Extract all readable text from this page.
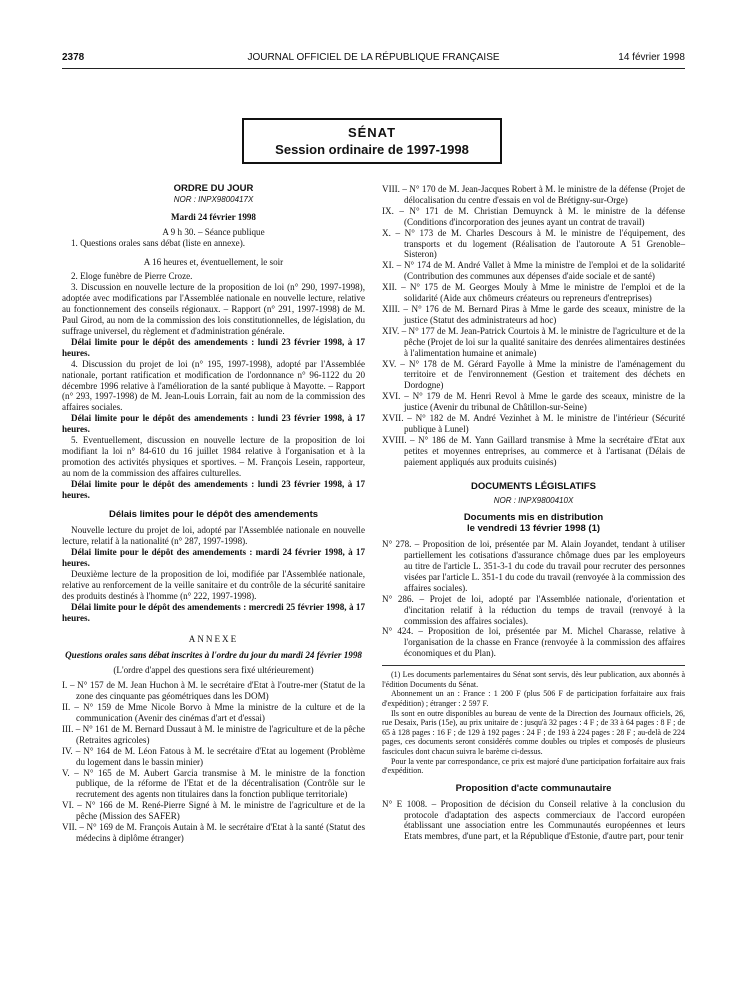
2378	JOURNAL OFFICIEL DE LA RÉPUBLIQUE FRANÇAISE	14 février 1998
SÉNAT
Session ordinaire de 1997-1998
ORDRE DU JOUR
NOR : INPX9800417X
Mardi 24 février 1998
A 9 h 30. – Séance publique

1. Questions orales sans débat (liste en annexe).

A 16 heures et, éventuellement, le soir

2. Eloge funèbre de Pierre Croze.

3. Discussion en nouvelle lecture de la proposition de loi (n° 290, 1997-1998), adoptée avec modifications par l'Assemblée nationale en nouvelle lecture, relative au fonctionnement des conseils régionaux. – Rapport (n° 291, 1997-1998) de M. Paul Girod, au nom de la commission des lois constitutionnelles, de législation, du suffrage universel, du règlement et d'administration générale.

Délai limite pour le dépôt des amendements : lundi 23 février 1998, à 17 heures.

4. Discussion du projet de loi (n° 195, 1997-1998), adopté par l'Assemblée nationale, portant ratification et modification de l'ordonnance n° 96-1122 du 20 décembre 1996 relative à l'amélioration de la santé publique à Mayotte. – Rapport (n° 293, 1997-1998) de M. Jean-Louis Lorrain, fait au nom de la commission des affaires sociales.

Délai limite pour le dépôt des amendements : lundi 23 février 1998, à 17 heures.

5. Eventuellement, discussion en nouvelle lecture de la proposition de loi modifiant la loi n° 84-610 du 16 juillet 1984 relative à l'organisation et à la promotion des activités physiques et sportives. – M. François Lesein, rapporteur, au nom de la commission des affaires culturelles.

Délai limite pour le dépôt des amendements : lundi 23 février 1998, à 17 heures.

Délais limites pour le dépôt des amendements

Nouvelle lecture du projet de loi, adopté par l'Assemblée nationale en nouvelle lecture, relatif à la nationalité (n° 287, 1997-1998).

Délai limite pour le dépôt des amendements : mardi 24 février 1998, à 17 heures.

Deuxième lecture de la proposition de loi, modifiée par l'Assemblée nationale, relative au renforcement de la veille sanitaire et du contrôle de la sécurité sanitaire des produits destinés à l'homme (n° 222, 1997-1998).

Délai limite pour le dépôt des amendements : mercredi 25 février 1998, à 17 heures.

ANNEXE
Questions orales sans débat inscrites à l'ordre du jour du mardi 24 février 1998
(L'ordre d'appel des questions sera fixé ultérieurement)

I. – N° 157 de M. Jean Huchon à M. le secrétaire d'Etat à l'outre-mer (Statut de la zone des cinquante pas géométriques dans les DOM)

II. – N° 159 de Mme Nicole Borvo à Mme la ministre de la culture et de la communication (Avenir des cinémas d'art et d'essai)

III. – N° 161 de M. Bernard Dussaut à M. le ministre de l'agriculture et de la pêche (Retraites agricoles)

IV. – N° 164 de M. Léon Fatous à M. le secrétaire d'Etat au logement (Problème du logement dans le bassin minier)

V. – N° 165 de M. Aubert Garcia transmise à M. le ministre de la fonction publique, de la réforme de l'Etat et de la décentralisation (Contrôle sur le recrutement des agents non titulaires dans la fonction publique territoriale)

VI. – N° 166 de M. René-Pierre Signé à M. le ministre de l'agriculture et de la pêche (Mission des SAFER)

VII. – N° 169 de M. François Autain à M. le secrétaire d'Etat à la santé (Statut des médecins à diplôme étranger)

VIII. – N° 170 de M. Jean-Jacques Robert à M. le ministre de la défense (Projet de délocalisation du centre d'essais en vol de Brétigny-sur-Orge)

IX. – N° 171 de M. Christian Demuynck à M. le ministre de la défense (Conditions d'incorporation des jeunes ayant un contrat de travail)

X. – N° 173 de M. Charles Descours à M. le ministre de l'équipement, des transports et du logement (Réalisation de l'autoroute A 51 Grenoble–Sisteron)

XI. – N° 174 de M. André Vallet à Mme la ministre de l'emploi et de la solidarité (Contribution des communes aux dépenses d'aide sociale et de santé)

XII. – N° 175 de M. Georges Mouly à Mme le ministre de l'emploi et de la solidarité (Aide aux chômeurs créateurs ou repreneurs d'entreprises)

XIII. – N° 176 de M. Bernard Piras à Mme le garde des sceaux, ministre de la justice (Statut des administrateurs ad hoc)

XIV. – N° 177 de M. Jean-Patrick Courtois à M. le ministre de l'agriculture et de la pêche (Projet de loi sur la qualité sanitaire des denrées alimentaires destinées à l'alimentation humaine et animale)

XV. – N° 178 de M. Gérard Fayolle à Mme la ministre de l'aménagement du territoire et de l'environnement (Gestion et traitement des déchets en Dordogne)

XVI. – N° 179 de M. Henri Revol à Mme le garde des sceaux, ministre de la justice (Avenir du tribunal de Châtillon-sur-Seine)

XVII. – N° 182 de M. André Vezinhet à M. le ministre de l'intérieur (Sécurité publique à Lunel)

XVIII. – N° 186 de M. Yann Gaillard transmise à Mme la secrétaire d'Etat aux petites et moyennes entreprises, au commerce et à l'artisanat (Délais de paiement appliqués aux produits cuisinés)

DOCUMENTS LÉGISLATIFS
NOR : INPX9800410X
Documents mis en distribution
le vendredi 13 février 1998 (1)

N° 278. – Proposition de loi, présentée par M. Alain Joyandet, tendant à utiliser partiellement les cotisations d'assurance chômage dues par les employeurs au titre de l'article L. 351-3-1 du code du travail pour recruter des personnes visées par l'article L. 351-1 du code du travail (renvoyée à la commission des affaires sociales).

N° 286. – Projet de loi, adopté par l'Assemblée nationale, d'orientation et d'incitation relatif à la réduction du temps de travail (renvoyé à la commission des affaires sociales).

N° 424. – Proposition de loi, présentée par M. Michel Charasse, relative à l'organisation de la chasse en France (renvoyée à la commission des affaires économiques et du Plan).

(1) Les documents parlementaires du Sénat sont servis, dès leur publication, aux abonnés à l'édition Documents du Sénat.

Abonnement un an : France : 1 200 F (plus 506 F de participation forfaitaire aux frais d'expédition) ; étranger : 2 597 F.

Ils sont en outre disponibles au bureau de vente de la Direction des Journaux officiels, 26, rue Desaix, Paris (15e), au prix unitaire de : jusqu'à 32 pages : 4 F ; de 33 à 64 pages : 8 F ; de 65 à 128 pages : 16 F ; de 129 à 192 pages : 24 F ; de 193 à 224 pages : 28 F ; au-delà de 224 pages, ces documents seront considérés comme doubles ou triples et composés de plusieurs fascicules dont chacun suivra le barème ci-dessus.

Pour la vente par correspondance, ce prix est majoré d'une participation forfaitaire aux frais d'expédition.

Proposition d'acte communautaire

N° E 1008. – Proposition de décision du Conseil relative à la conclusion du protocole d'adaptation des aspects commerciaux de l'accord européen établissant une association entre les Communautés européennes et leurs Etats membres, d'une part, et la République d'Estonie, d'autre part, pour tenir
